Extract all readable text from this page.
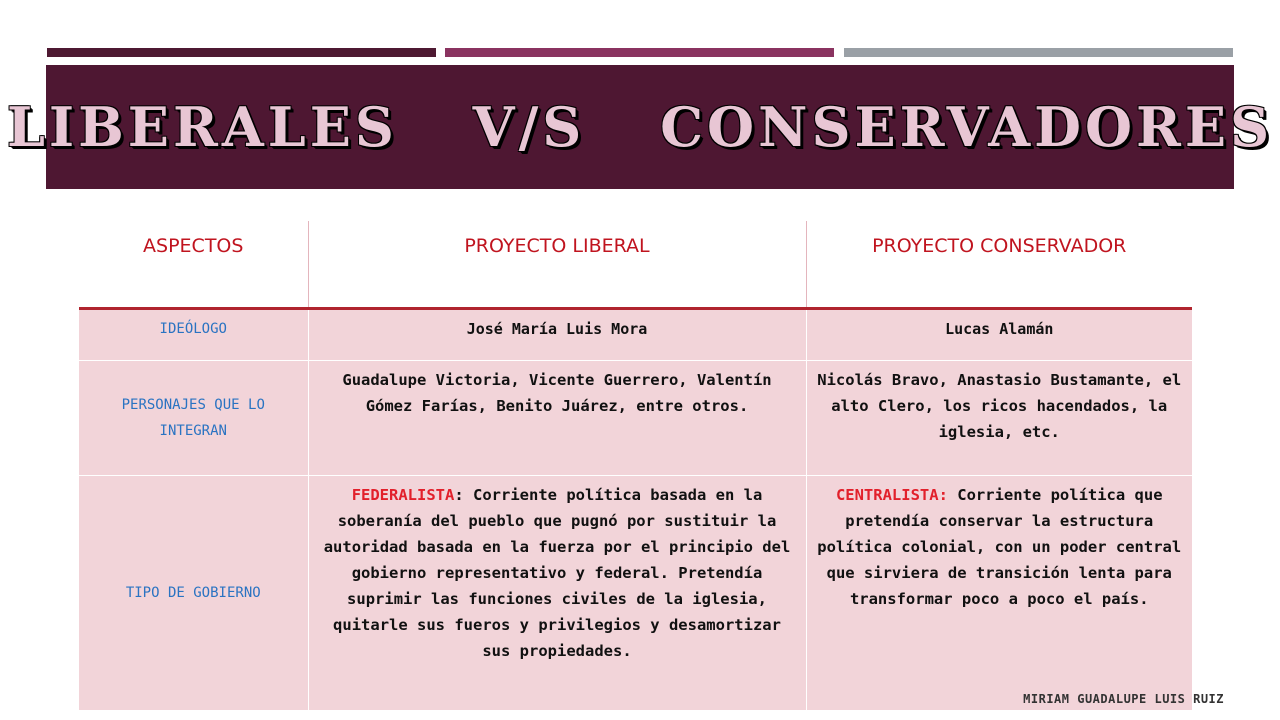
LIBERALES V/S CONSERVADORES
ASPECTOS	PROYECTO LIBERAL	PROYECTO CONSERVADOR
IDEÓLOGO	José María Luis Mora	Lucas Alamán
PERSONAJES QUE LO INTEGRAN	Guadalupe Victoria, Vicente Guerrero, Valentín Gómez Farías, Benito Juárez, entre otros.	Nicolás Bravo, Anastasio Bustamante, el alto Clero, los ricos hacendados, la iglesia, etc.
TIPO DE GOBIERNO	FEDERALISTA: Corriente política basada en la soberanía del pueblo que pugnó por sustituir la autoridad basada en la fuerza por el principio del gobierno representativo y federal. Pretendía suprimir las funciones civiles de la iglesia, quitarle sus fueros y privilegios y desamortizar sus propiedades.	CENTRALISTA: Corriente política que pretendía conservar la estructura política colonial, con un poder central que sirviera de transición lenta para transformar poco a poco el país.
MIRIAM GUADALUPE LUIS RUIZ
